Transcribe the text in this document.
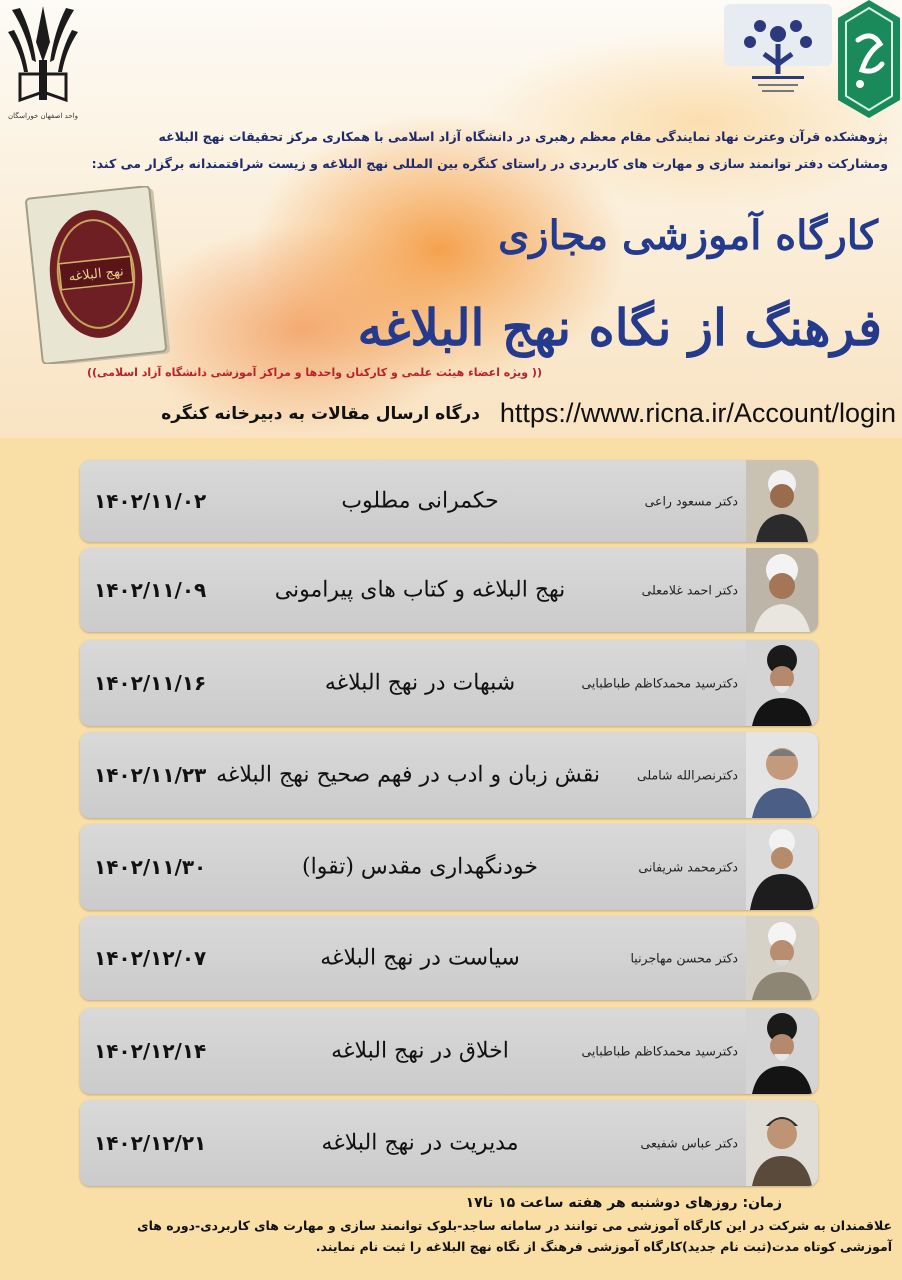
واحد اصفهان خوراسگان
پژوهشکده قرآن وعترت نهاد نمایندگی مقام معظم رهبری در دانشگاه آزاد اسلامی با همکاری مرکز تحقیقات نهج البلاغه
ومشارکت دفتر توانمند سازی و مهارت های کاربردی در راستای کنگره بین المللی نهج البلاغه و زیست شرافتمندانه برگزار می کند:
نهج البلاغه
کارگاه آموزشی مجازی
فرهنگ از نگاه نهج البلاغه
(( ویژه اعضاء هیئت علمی و کارکنان واحدها و مراکز آموزشی دانشگاه آزاد اسلامی))
https://www.ricna.ir/Account/login
درگاه ارسال مقالات به دبیرخانه کنگره
۱۴۰۲/۱۱/۰۲	حکمرانی مطلوب	دکتر مسعود راعی
۱۴۰۲/۱۱/۰۹	نهج البلاغه و کتاب های پیرامونی	دکتر احمد غلامعلی
۱۴۰۲/۱۱/۱۶	شبهات در نهج البلاغه	دکترسید محمدکاظم طباطبایی
۱۴۰۲/۱۱/۲۳ نقش زبان و ادب در فهم صحیح نهج البلاغه	دکترنصرالله شاملی
۱۴۰۲/۱۱/۳۰	خودنگهداری مقدس (تقوا)	دکترمحمد شریفانی
۱۴۰۲/۱۲/۰۷	سیاست در نهج البلاغه	دکتر محسن مهاجرنیا
۱۴۰۲/۱۲/۱۴	اخلاق در نهج البلاغه	دکترسید محمدکاظم طباطبایی
۱۴۰۲/۱۲/۲۱	مدیریت در نهج البلاغه	دکتر عباس شفیعی
زمان: روزهای دوشنبه هر هفته ساعت ۱۵ تا۱۷
علاقمندان به شرکت در این کارگاه آموزشی می توانند در سامانه ساجد-بلوک توانمند سازی و مهارت های کاربردی-دوره های
آموزشی کوتاه مدت(ثبت نام جدید)کارگاه آموزشی فرهنگ از نگاه نهج البلاغه را ثبت نام نمایند.
